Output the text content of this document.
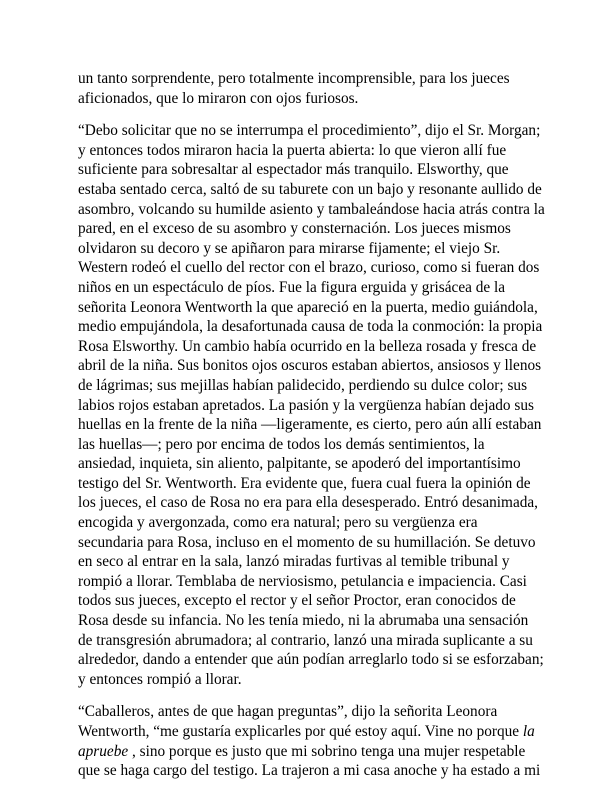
un tanto sorprendente, pero totalmente incomprensible, para los jueces
aficionados, que lo miraron con ojos furiosos.

“Debo solicitar que no se interrumpa el procedimiento”, dijo el Sr. Morgan;
y entonces todos miraron hacia la puerta abierta: lo que vieron allí fue
suficiente para sobresaltar al espectador más tranquilo. Elsworthy, que
estaba sentado cerca, saltó de su taburete con un bajo y resonante aullido de
asombro, volcando su humilde asiento y tambaleándose hacia atrás contra la
pared, en el exceso de su asombro y consternación. Los jueces mismos
olvidaron su decoro y se apiñaron para mirarse fijamente; el viejo Sr.
Western rodeó el cuello del rector con el brazo, curioso, como si fueran dos
niños en un espectáculo de píos. Fue la figura erguida y grisácea de la
señorita Leonora Wentworth la que apareció en la puerta, medio guiándola,
medio empujándola, la desafortunada causa de toda la conmoción: la propia
Rosa Elsworthy. Un cambio había ocurrido en la belleza rosada y fresca de
abril de la niña. Sus bonitos ojos oscuros estaban abiertos, ansiosos y llenos
de lágrimas; sus mejillas habían palidecido, perdiendo su dulce color; sus
labios rojos estaban apretados. La pasión y la vergüenza habían dejado sus
huellas en la frente de la niña —ligeramente, es cierto, pero aún allí estaban
las huellas—; pero por encima de todos los demás sentimientos, la
ansiedad, inquieta, sin aliento, palpitante, se apoderó del importantísimo
testigo del Sr. Wentworth. Era evidente que, fuera cual fuera la opinión de
los jueces, el caso de Rosa no era para ella desesperado. Entró desanimada,
encogida y avergonzada, como era natural; pero su vergüenza era
secundaria para Rosa, incluso en el momento de su humillación. Se detuvo
en seco al entrar en la sala, lanzó miradas furtivas al temible tribunal y
rompió a llorar. Temblaba de nerviosismo, petulancia e impaciencia. Casi
todos sus jueces, excepto el rector y el señor Proctor, eran conocidos de
Rosa desde su infancia. No les tenía miedo, ni la abrumaba una sensación
de transgresión abrumadora; al contrario, lanzó una mirada suplicante a su
alrededor, dando a entender que aún podían arreglarlo todo si se esforzaban;
y entonces rompió a llorar.

“Caballeros, antes de que hagan preguntas”, dijo la señorita Leonora
Wentworth, “me gustaría explicarles por qué estoy aquí. Vine no porque la
apruebe , sino porque es justo que mi sobrino tenga una mujer respetable
que se haga cargo del testigo. La trajeron a mi casa anoche y ha estado a mi
